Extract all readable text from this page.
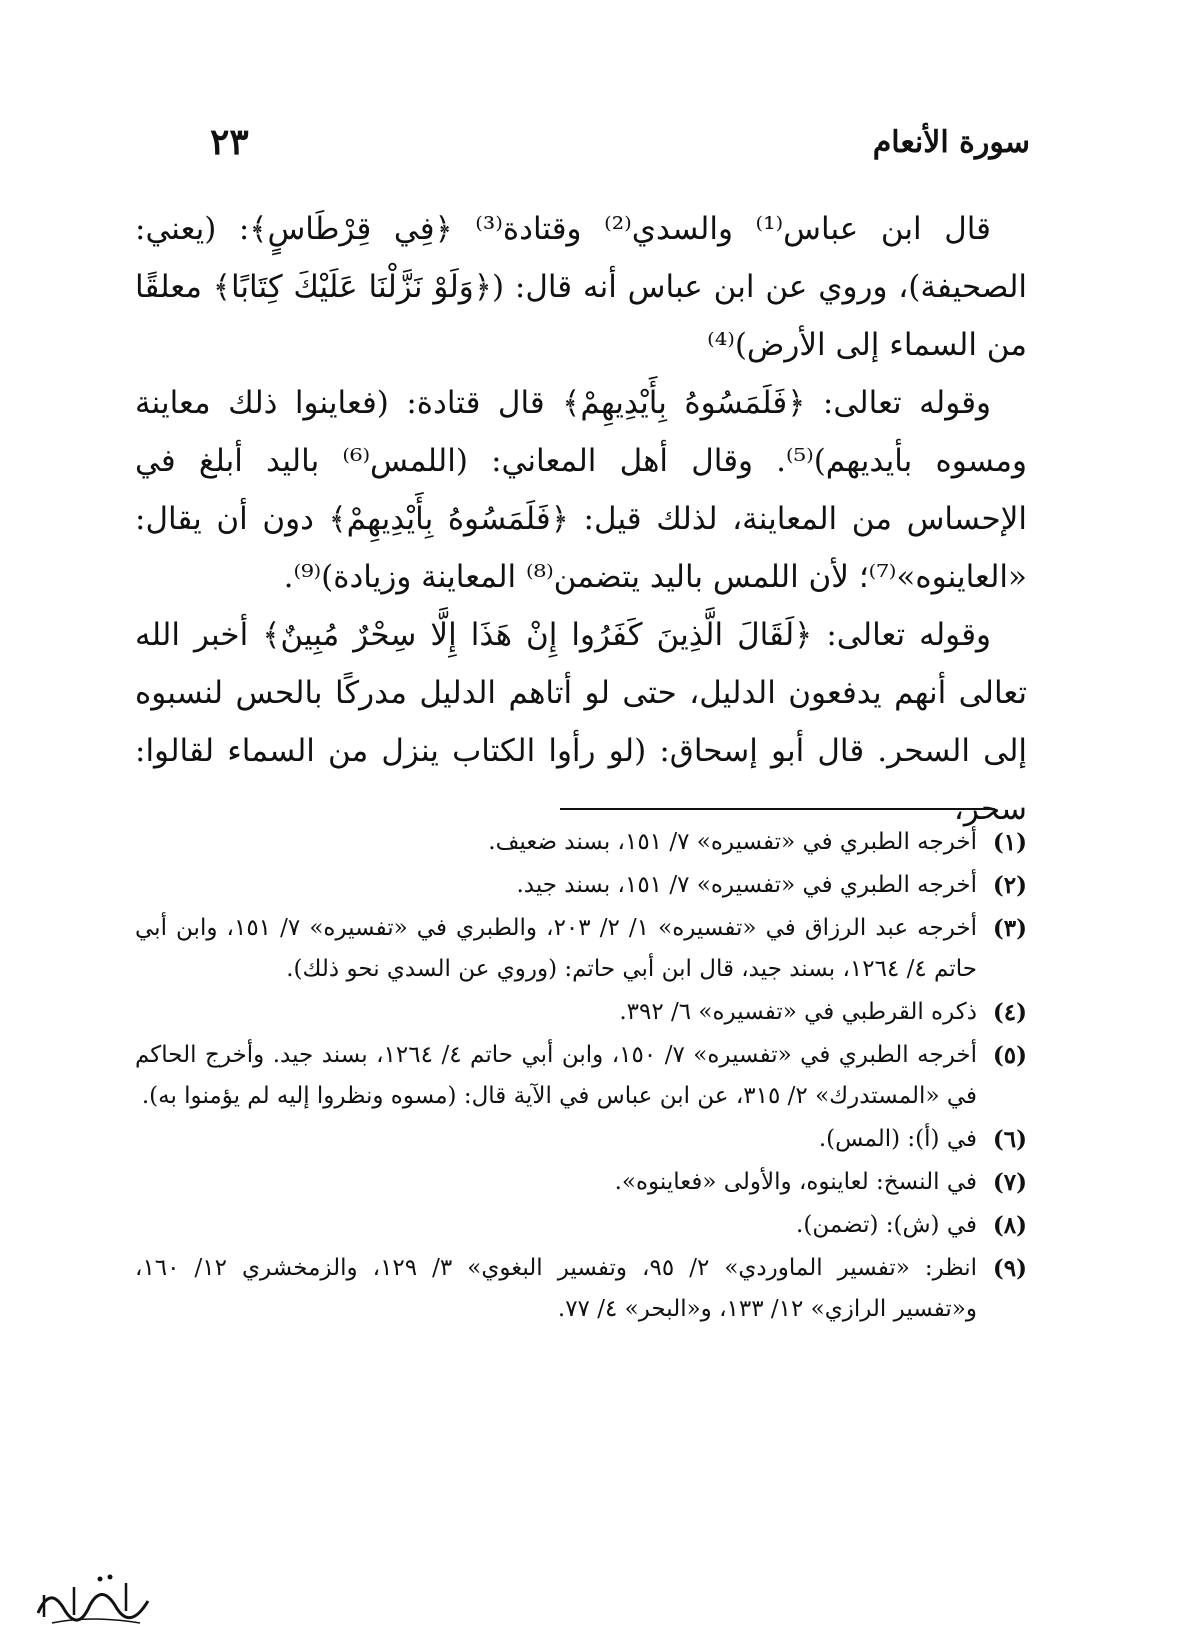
سورة الأنعام
٢٣

قال ابن عباس⁽¹⁾ والسدي⁽²⁾ وقتادة⁽³⁾ ﴿فِي قِرْطَاسٍ﴾: (يعني: الصحيفة)، وروي عن ابن عباس أنه قال: (﴿وَلَوْ نَزَّلْنَا عَلَيْكَ كِتَابًا﴾ معلقًا من السماء إلى الأرض)⁽⁴⁾

وقوله تعالى: ﴿فَلَمَسُوهُ بِأَيْدِيهِمْ﴾ قال قتادة: (فعاينوا ذلك معاينة ومسوه بأيديهم)⁽⁵⁾. وقال أهل المعاني: (اللمس⁽⁶⁾ باليد أبلغ في الإحساس من المعاينة، لذلك قيل: ﴿فَلَمَسُوهُ بِأَيْدِيهِمْ﴾ دون أن يقال: «العاينوه»⁽⁷⁾؛ لأن اللمس باليد يتضمن⁽⁸⁾ المعاينة وزيادة)⁽⁹⁾.

وقوله تعالى: ﴿لَقَالَ الَّذِينَ كَفَرُوا إِنْ هَذَا إِلَّا سِحْرٌ مُبِينٌ﴾ أخبر الله تعالى أنهم يدفعون الدليل، حتى لو أتاهم الدليل مدركًا بالحس لنسبوه إلى السحر. قال أبو إسحاق: (لو رأوا الكتاب ينزل من السماء لقالوا: سحر،

(١)
أخرجه الطبري في «تفسيره» ٧/ ١٥١، بسند ضعيف.
(٢)
أخرجه الطبري في «تفسيره» ٧/ ١٥١، بسند جيد.
(٣)
أخرجه عبد الرزاق في «تفسيره» ١/ ٢/ ٢٠٣، والطبري في «تفسيره» ٧/ ١٥١، وابن أبي حاتم ٤/ ١٢٦٤، بسند جيد، قال ابن أبي حاتم: (وروي عن السدي نحو ذلك).
(٤)
ذكره القرطبي في «تفسيره» ٦/ ٣٩٢.
(٥)
أخرجه الطبري في «تفسيره» ٧/ ١٥٠، وابن أبي حاتم ٤/ ١٢٦٤، بسند جيد. وأخرج الحاكم في «المستدرك» ٢/ ٣١٥، عن ابن عباس في الآية قال: (مسوه ونظروا إليه لم يؤمنوا به).
(٦)
في (أ): (المس).
(٧)
في النسخ: لعاينوه، والأولى «فعاينوه».
(٨)
في (ش): (تضمن).
(٩)
انظر: «تفسير الماوردي» ٢/ ٩٥، وتفسير البغوي» ٣/ ١٢٩، والزمخشري ١٢/ ١٦٠، و«تفسير الرازي» ١٢/ ١٣٣، و«البحر» ٤/ ٧٧.
